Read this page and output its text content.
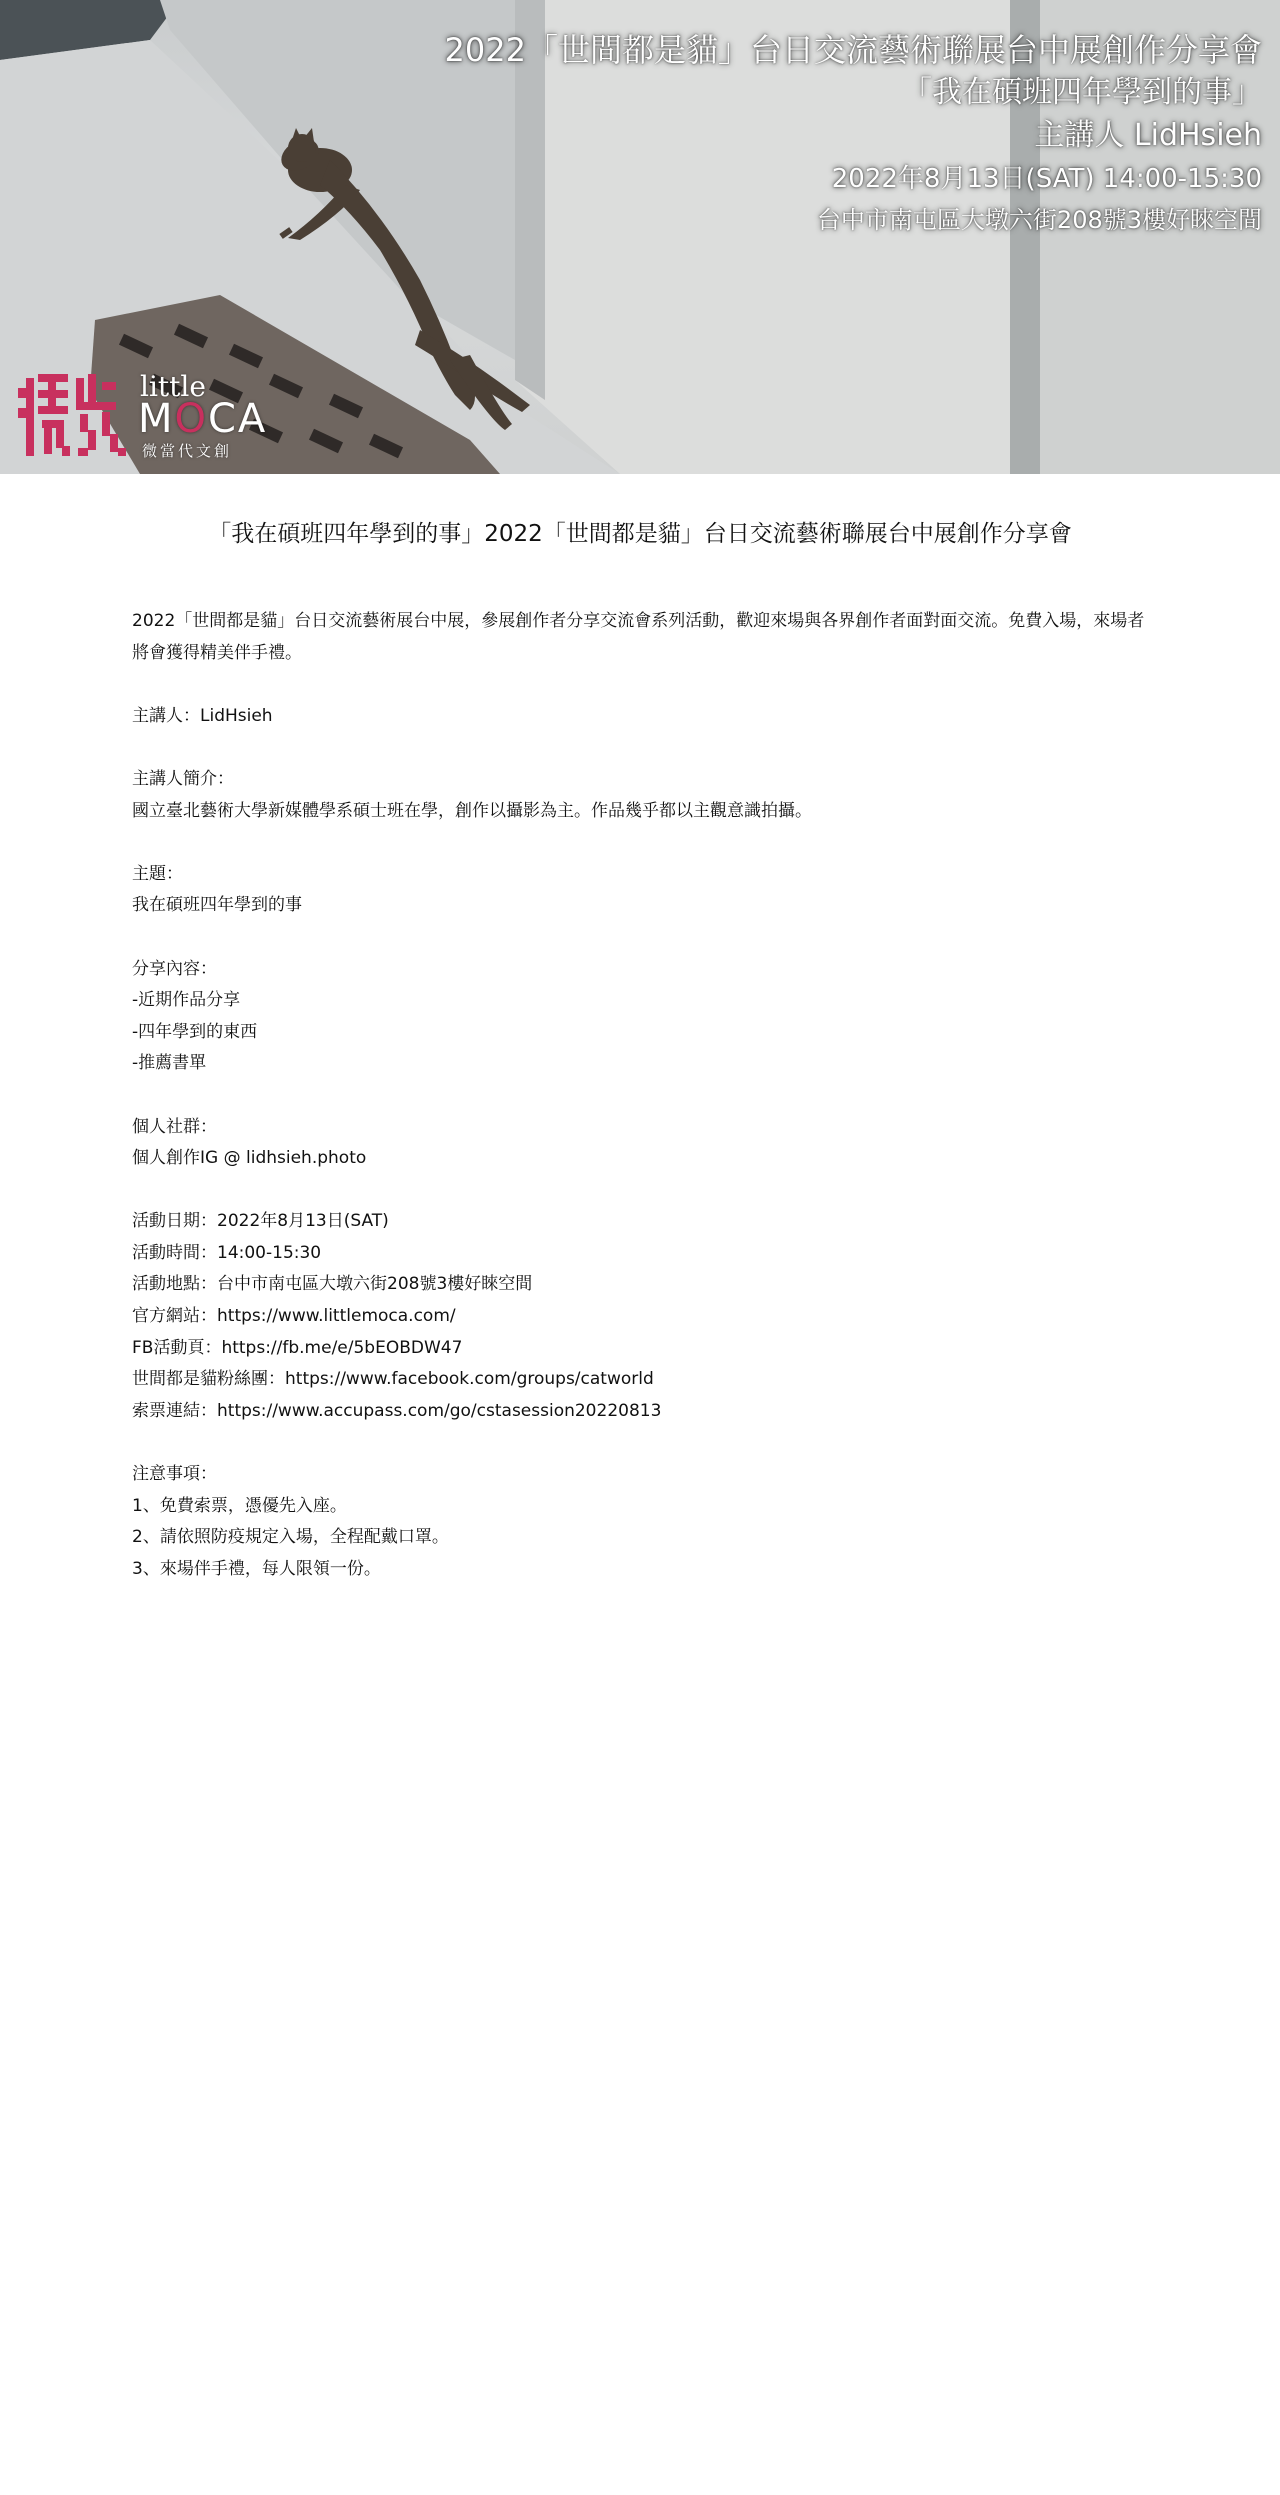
2022「世間都是貓」台日交流藝術聯展台中展創作分享會
「我在碩班四年學到的事」
主講人 LidHsieh
2022年8月13日(SAT) 14:00-15:30
台中市南屯區大墩六街208號3樓好睞空間
little
MOCA
微當代文創
「我在碩班四年學到的事」2022「世間都是貓」台日交流藝術聯展台中展創作分享會

2022「世間都是貓」台日交流藝術展台中展，參展創作者分享交流會系列活動，歡迎來場與各界創作者面對面交流。免費入場，來場者將會獲得精美伴手禮。

主講人：LidHsieh

主講人簡介：

國立臺北藝術大學新媒體學系碩士班在學，創作以攝影為主。作品幾乎都以主觀意識拍攝。

主題：

我在碩班四年學到的事

分享內容：

-近期作品分享

-四年學到的東西

-推薦書單

個人社群：

個人創作IG @ lidhsieh.photo

活動日期：2022年8月13日(SAT)

活動時間：14:00-15:30

活動地點：台中市南屯區大墩六街208號3樓好睞空間

官方網站：https://www.littlemoca.com/

FB活動頁：https://fb.me/e/5bEOBDW47

世間都是貓粉絲團：https://www.facebook.com/groups/catworld

索票連結：https://www.accupass.com/go/cstasession20220813

注意事項：

1、免費索票，憑優先入座。

2、請依照防疫規定入場，全程配戴口罩。

3、來場伴手禮，每人限領一份。
